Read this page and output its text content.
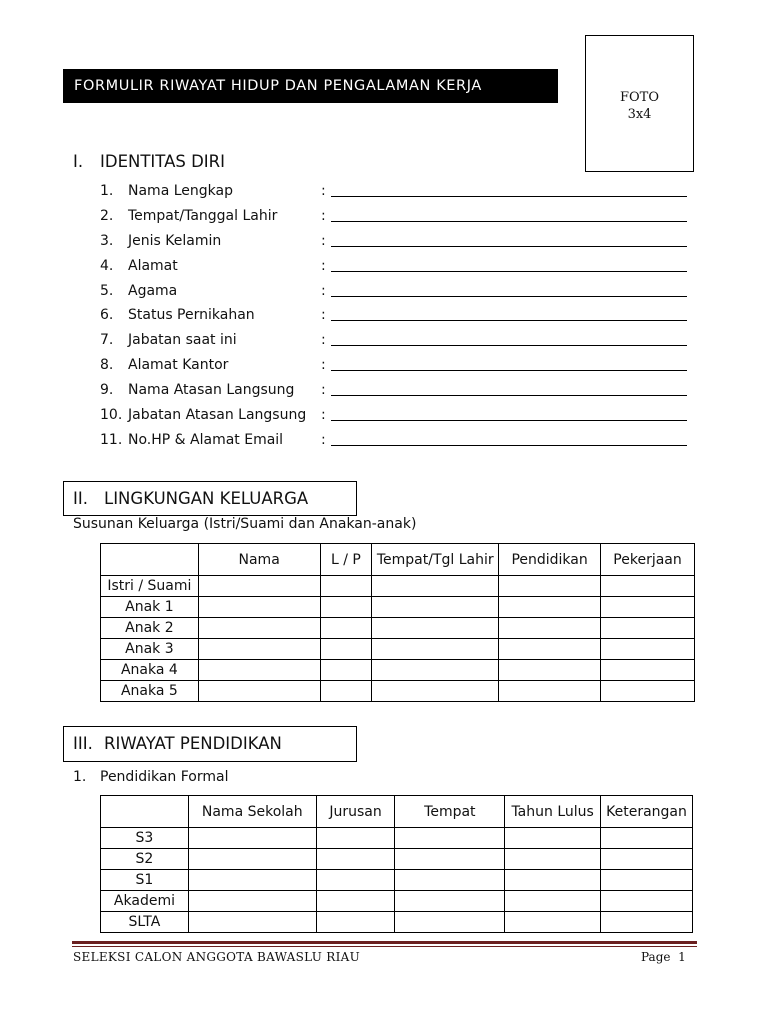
FORMULIR RIWAYAT HIDUP DAN PENGALAMAN KERJA
FOTO
3x4
I. IDENTITAS DIRI
1.	Nama Lengkap	:
2.	Tempat/Tanggal Lahir	:
3.	Jenis Kelamin	:
4.	Alamat	:
5.	Agama	:
6.	Status Pernikahan	:
7.	Jabatan saat ini	:
8.	Alamat Kantor	:
9.	Nama Atasan Langsung	:
10. Jabatan Atasan Langsung	:
11. No.HP & Alamat Email	:
II. LINGKUNGAN KELUARGA
Susunan Keluarga (Istri/Suami dan Anakan-anak)
	Nama	L / P	Tempat/Tgl Lahir	Pendidikan	Pekerjaan
Istri / Suami					
Anak 1					
Anak 2					
Anak 3					
Anaka 4					
Anaka 5					
III. RIWAYAT PENDIDIKAN
1. Pendidikan Formal
	Nama Sekolah	Jurusan	Tempat	Tahun Lulus	Keterangan
S3					
S2					
S1					
Akademi					
SLTA					
SELEKSI CALON ANGGOTA BAWASLU RIAU	Page 1
